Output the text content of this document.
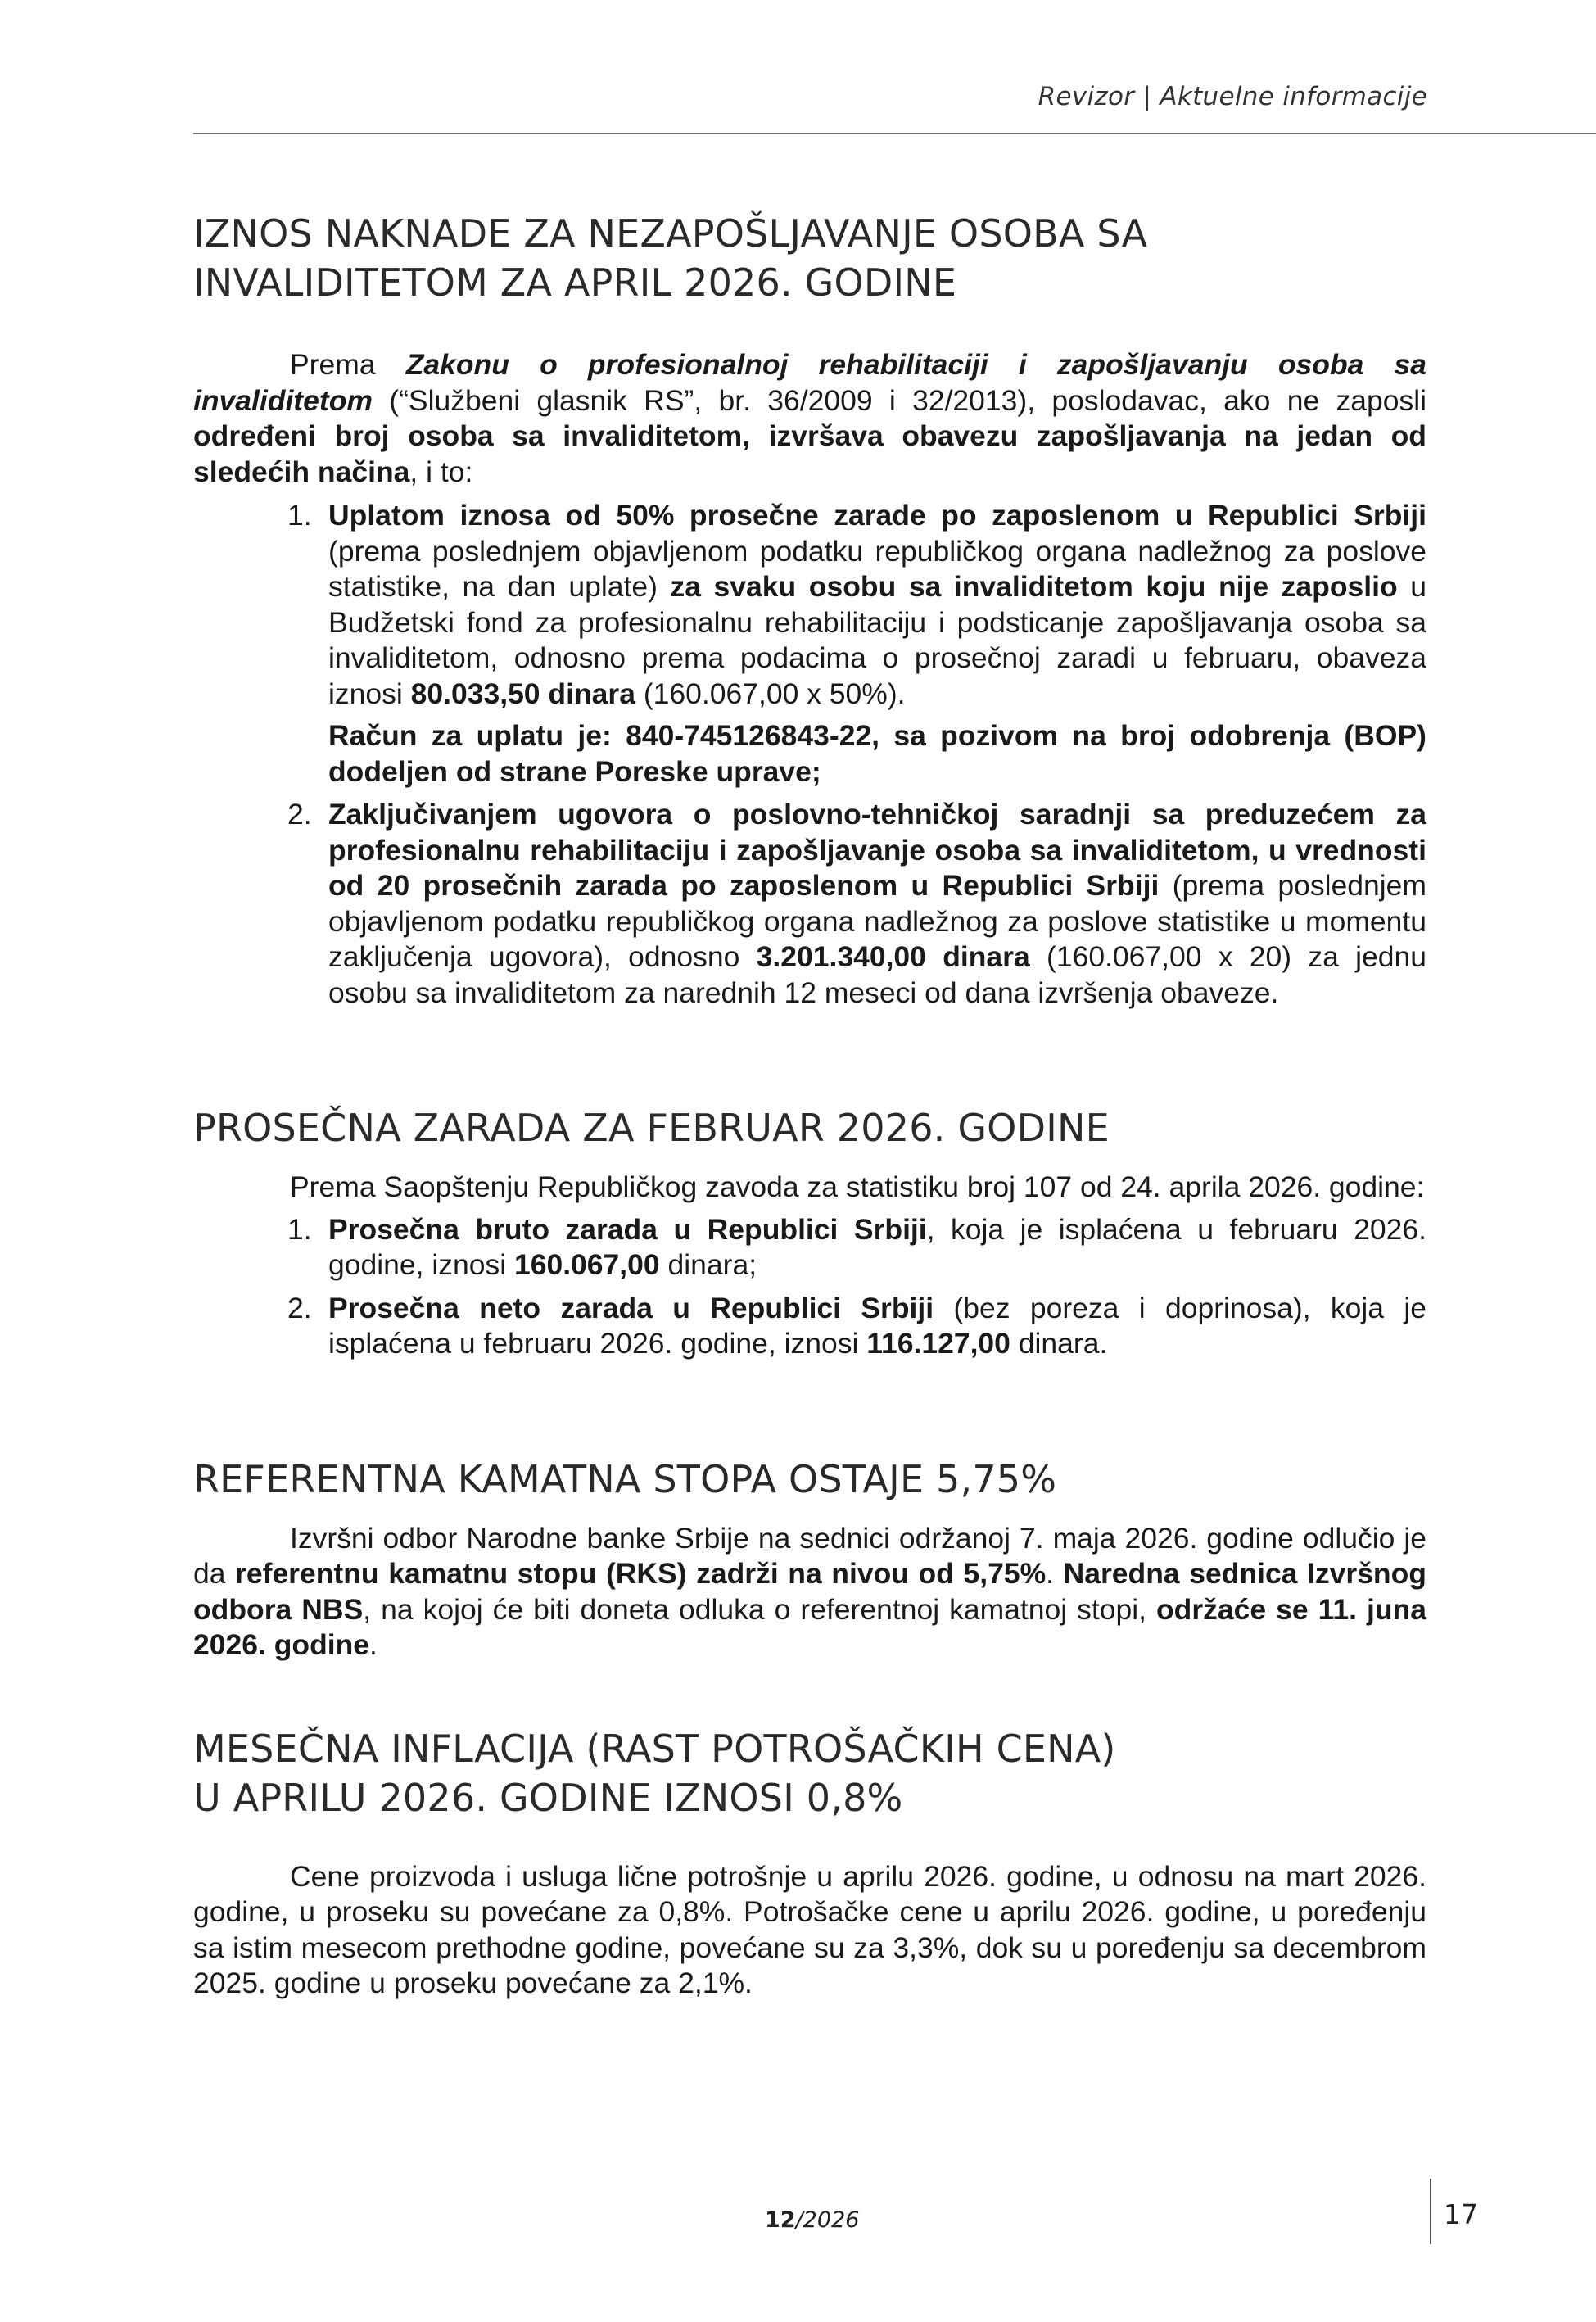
Revizor | Aktuelne informacije
IZNOS NAKNADE ZA NEZAPOŠLJAVANJE OSOBA SA
INVALIDITETOM ZA APRIL 2026. GODINE

Prema Zakonu o profesionalnoj rehabilitaciji i zapošljavanju osoba sa invaliditetom (“Službeni glasnik RS”, br. 36/2009 i 32/2013), poslodavac, ako ne zaposli određeni broj osoba sa invaliditetom, izvršava obavezu zapošljavanja na jedan od sledećih načina, i to:

1. Uplatom iznosa od 50% prosečne zarade po zaposlenom u Republici Srbiji (prema poslednjem objavljenom podatku republičkog organa nadležnog za poslove statistike, na dan uplate) za svaku osobu sa invaliditetom koju nije zaposlio u Budžetski fond za profesionalnu rehabilitaciju i podsticanje zapošljavanja osoba sa invaliditetom, odnosno prema podacima o prosečnoj zaradi u februaru, obaveza iznosi 80.033,50 dinara (160.067,00 x 50%).
Račun za uplatu je: 840-745126843-22, sa pozivom na broj odobrenja (BOP) dodeljen od strane Poreske uprave;
2. Zaključivanjem ugovora o poslovno-tehničkoj saradnji sa preduzećem za profesionalnu rehabilitaciju i zapošljavanje osoba sa invaliditetom, u vrednosti od 20 prosečnih zarada po zaposlenom u Republici Srbiji (prema poslednjem objavljenom podatku republičkog organa nadležnog za poslove statistike u momentu zaključenja ugovora), odnosno 3.201.340,00 dinara (160.067,00 x 20) za jednu osobu sa invaliditetom za narednih 12 meseci od dana izvršenja obaveze.
PROSEČNA ZARADA ZA FEBRUAR 2026. GODINE

Prema Saopštenju Republičkog zavoda za statistiku broj 107 od 24. aprila 2026. godine:

1. Prosečna bruto zarada u Republici Srbiji, koja je isplaćena u februaru 2026. godine, iznosi 160.067,00 dinara;
2. Prosečna neto zarada u Republici Srbiji (bez poreza i doprinosa), koja je isplaćena u februaru 2026. godine, iznosi 116.127,00 dinara.
REFERENTNA KAMATNA STOPA OSTAJE 5,75%

Izvršni odbor Narodne banke Srbije na sednici održanoj 7. maja 2026. godine odlučio je da referentnu kamatnu stopu (RKS) zadrži na nivou od 5,75%. Naredna sednica Izvršnog odbora NBS, na kojoj će biti doneta odluka o referentnoj kamatnoj stopi, održaće se 11. juna 2026. godine.

MESEČNA INFLACIJA (RAST POTROŠAČKIH CENA)
U APRILU 2026. GODINE IZNOSI 0,8%

Cene proizvoda i usluga lične potrošnje u aprilu 2026. godine, u odnosu na mart 2026. godine, u proseku su povećane za 0,8%. Potrošačke cene u aprilu 2026. godine, u poređenju sa istim mesecom prethodne godine, povećane su za 3,3%, dok su u poređenju sa decembrom 2025. godine u proseku povećane za 2,1%.

12/2026	17
